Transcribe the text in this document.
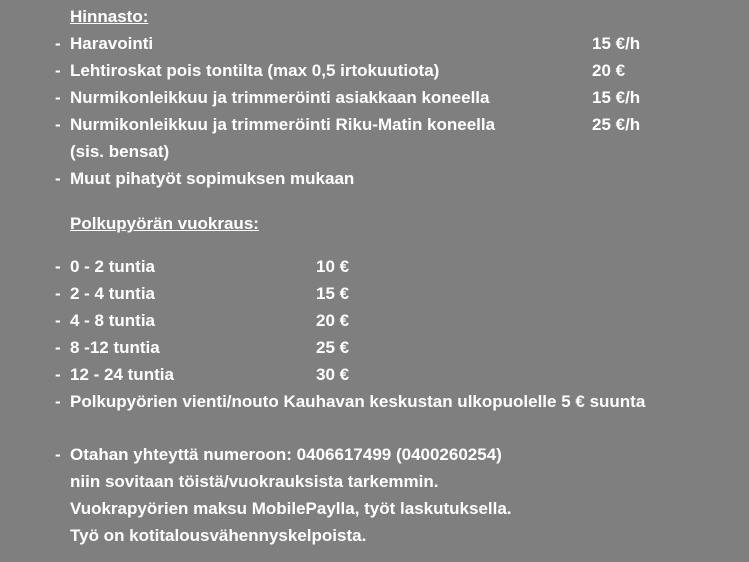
Hinnasto:
- Haravointi	15 €/h
- Lehtiroskat pois tontilta (max 0,5 irtokuutiota)	20 €
- Nurmikonleikkuu ja trimmeröinti asiakkaan koneella	15 €/h
- Nurmikonleikkuu ja trimmeröinti Riku-Matin koneella	25 €/h
(sis. bensat)
- Muut pihatyöt sopimuksen mukaan
Polkupyörän vuokraus:
- 0 - 2 tuntia	10 €
- 2 - 4 tuntia	15 €
- 4 - 8 tuntia	20 €
- 8 -12 tuntia	25 €
- 12 - 24 tuntia	30 €
- Polkupyörien vienti/nouto Kauhavan keskustan ulkopuolelle 5 € suunta
- Otahan yhteyttä numeroon: 0406617499 (0400260254)
niin sovitaan töistä/vuokrauksista tarkemmin.
Vuokrapyörien maksu MobilePaylla, työt laskutuksella.
Työ on kotitalousvähennyskelpoista.
